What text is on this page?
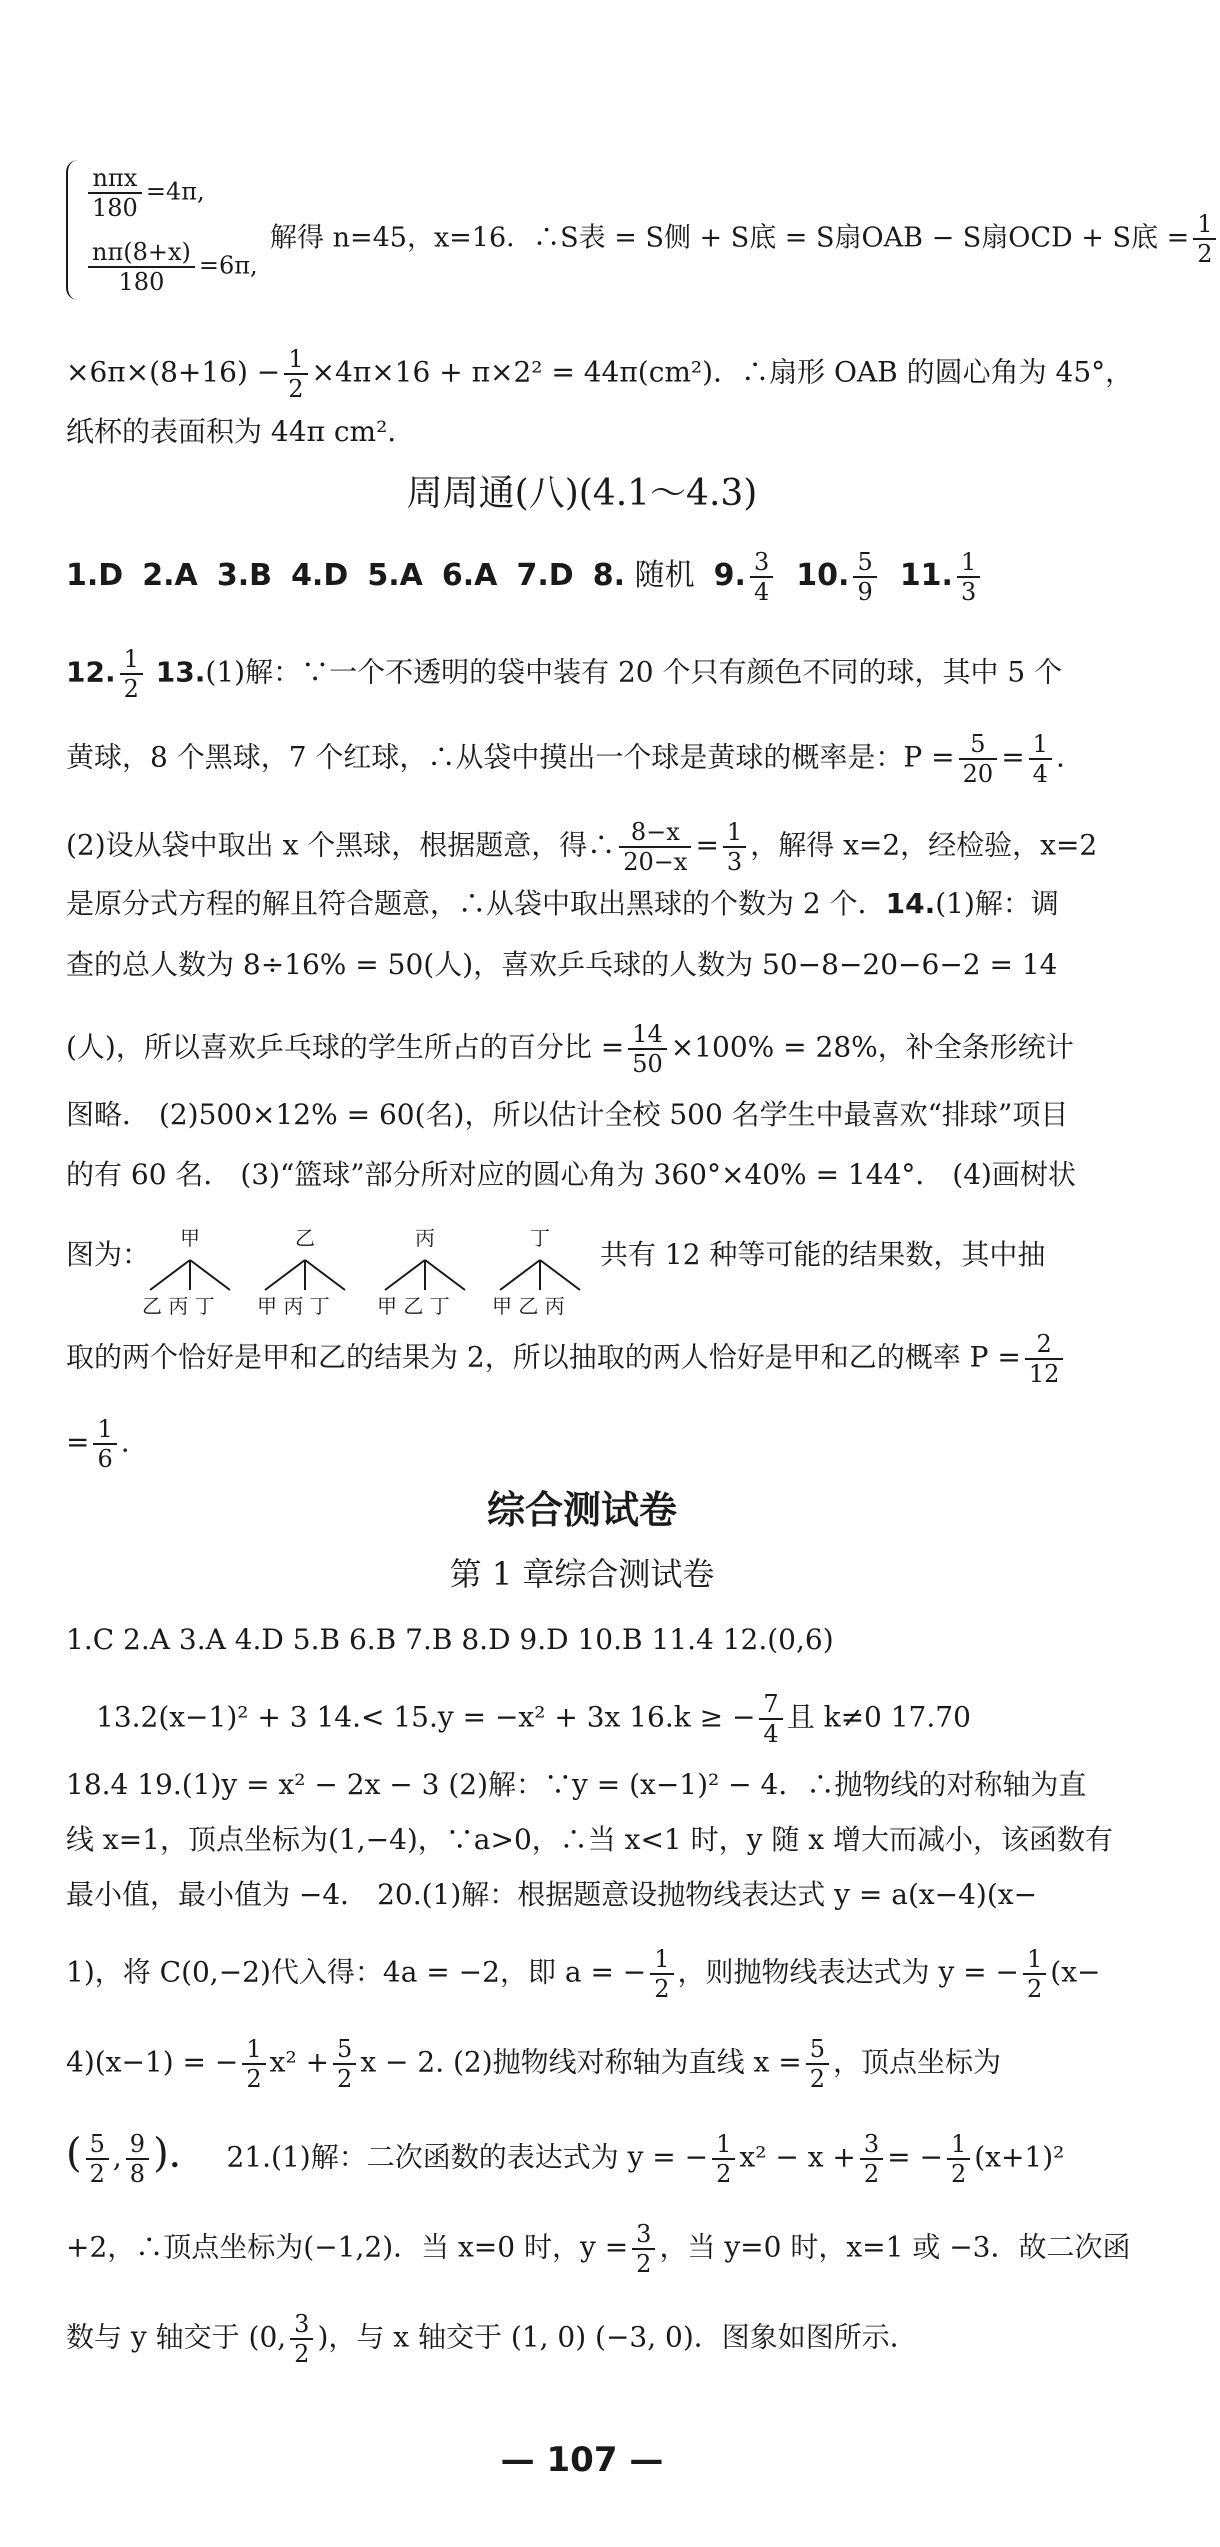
$\frac{\text{nπx}}{180} =4\pi$,
$\frac{n\pi(8+x)}{180} =6\pi$,
解得 n=45，x=16．∴S表 = S侧 + S底 = S扇OAB − S扇OCD + S底 = $\frac{1}{2}$
$\times 6\pi\times(8+16) - \frac{1}{2} \times 4\pi\times 16 + \pi\times 2^2 = 44\pi(cm^2)$．∴扇形 OAB 的圆心角为 45°，
纸杯的表面积为 44π cm².
周周通(八)(4.1～4.3)
1.D 2.A 3.B 4.D 5.A 6.A 7.D 8. 随机 9. $\frac{3}{4} 10$. $\frac{5}{9} 11$. $\frac{1}{3}$
12. $\frac{1}{2} 13.(1)$解：∵一个不透明的袋中装有 20 个只有颜色不同的球，其中 5 个
黄球，8 个黑球，7 个红球，∴从袋中摸出一个球是黄球的概率是：$P = \frac{5}{20} = \frac{1}{4}$ .
(2)设从袋中取出 x 个黑球，根据题意，得∴ $\frac{8-x}{20-x} = \frac{1}{3}$ ，解得 x=2，经检验，x=2
是原分式方程的解且符合题意，∴从袋中取出黑球的个数为 2 个．14.(1)解：调
查的总人数为 8÷16% = 50(人)，喜欢乒乓球的人数为 50−8−20−6−2 = 14
(人)，所以喜欢乒乓球的学生所占的百分比 = $\frac{14}{50} \times 100\% = 28\%$，补全条形统计
图略． (2)500×12% = 60(名)，所以估计全校 500 名学生中最喜欢“排球”项目
的有 60 名． (3)“篮球”部分所对应的圆心角为 360°×40% = 144°． (4)画树状
图为： 甲	乙	丙	丁
乙 丙 丁 甲 丙 丁 甲 乙 丁 甲 乙 丙
共有 12 种等可能的结果数，其中抽
取的两个恰好是甲和乙的结果为 2，所以抽取的两人恰好是甲和乙的概率 $P = \frac{2}{12}$
= $\frac{1}{6}$ .
综合测试卷
第 1 章综合测试卷
1.C 2.A 3.A 4.D 5.B 6.B 7.B 8.D 9.D 10.B 11.4 12.(0,6)
13.2(x−1)² + 3 14.< 15.y = −x² + 3x 16.k ≥ − $\frac{7}{4}$ 且 k≠0 17.70
18.4 19.(1)y = x² − 2x − 3 (2)解：∵y = (x−1)² − 4．∴抛物线的对称轴为直
线 x=1，顶点坐标为(1,−4)，∵a>0，∴当 x<1 时，y 随 x 增大而减小，该函数有
最小值，最小值为 −4． 20.(1)解：根据题意设抛物线表达式 y = a(x−4)(x−
1)，将 C(0,−2)代入得：4a = −2，即 a = − $\frac{1}{2}$ ，则抛物线表达式为 y = − $\frac{1}{2} (x-$
4)(x−1) = − $\frac{1}{2} x^2 + \frac{5}{2}$ x − 2. (2)抛物线对称轴为直线 $x = \frac{5}{2}$ ，顶点坐标为
( $\frac{5}{2}$ , $\frac{9}{8}$ )． 21.(1)解：二次函数的表达式为 y = − $\frac{1}{2} x^2 - x + \frac{3}{2}$ = − $\frac{1}{2} (x+1)^2$
+2，∴顶点坐标为(−1,2)．当 x=0 时，$y = \frac{3}{2}$ ，当 y=0 时，x=1 或 −3．故二次函
数与 y 轴交于 (0, $\frac{3}{2}$ )，与 x 轴交于 (1, 0) (−3, 0)．图象如图所示．
— 107 —
